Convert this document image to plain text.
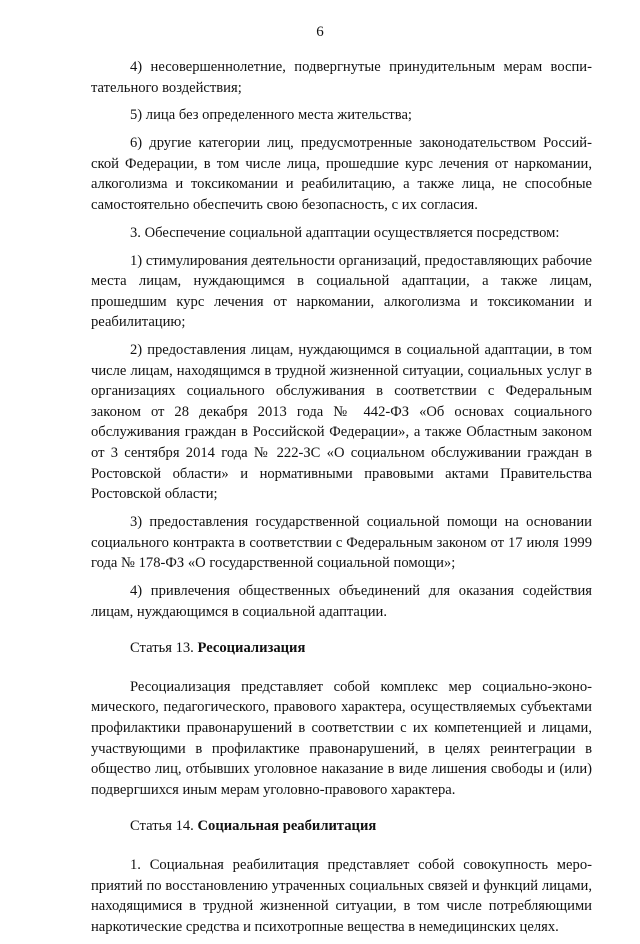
6

4) несовершеннолетние, подвергнутые принудительным мерам воспитательного воздействия;

5) лица без определенного места жительства;

6) другие категории лиц, предусмотренные законодательством Российской Федерации, в том числе лица, прошедшие курс лечения от наркомании, алкоголизма и токсикомании и реабилитацию, а также лица, не способные самостоятельно обеспечить свою безопасность, с их согласия.

3. Обеспечение социальной адаптации осуществляется посредством:

1) стимулирования деятельности организаций, предоставляющих рабочие места лицам, нуждающимся в социальной адаптации, а также лицам, прошедшим курс лечения от наркомании, алкоголизма и токсикомании и реабилитацию;

2) предоставления лицам, нуждающимся в социальной адаптации, в том числе лицам, находящимся в трудной жизненной ситуации, социальных услуг в организациях социального обслуживания в соответствии с Федеральным законом от 28 декабря 2013 года № 442-ФЗ «Об основах социального обслуживания граждан в Российской Федерации», а также Областным законом от 3 сентября 2014 года № 222-ЗС «О социальном обслуживании граждан в Ростовской области» и нормативными правовыми актами Правительства Ростовской области;

3) предоставления государственной социальной помощи на основании социального контракта в соответствии с Федеральным законом от 17 июля 1999 года № 178-ФЗ «О государственной социальной помощи»;

4) привлечения общественных объединений для оказания содействия лицам, нуждающимся в социальной адаптации.

Статья 13. Ресоциализация

Ресоциализация представляет собой комплекс мер социально-экономического, педагогического, правового характера, осуществляемых субъектами профилактики правонарушений в соответствии с их компетенцией и лицами, участвующими в профилактике правонарушений, в целях реинтеграции в общество лиц, отбывших уголовное наказание в виде лишения свободы и (или) подвергшихся иным мерам уголовно-правового характера.

Статья 14. Социальная реабилитация

1. Социальная реабилитация представляет собой совокупность мероприятий по восстановлению утраченных социальных связей и функций лицами, находящимися в трудной жизненной ситуации, в том числе потребляющими наркотические средства и психотропные вещества в немедицинских целях.
